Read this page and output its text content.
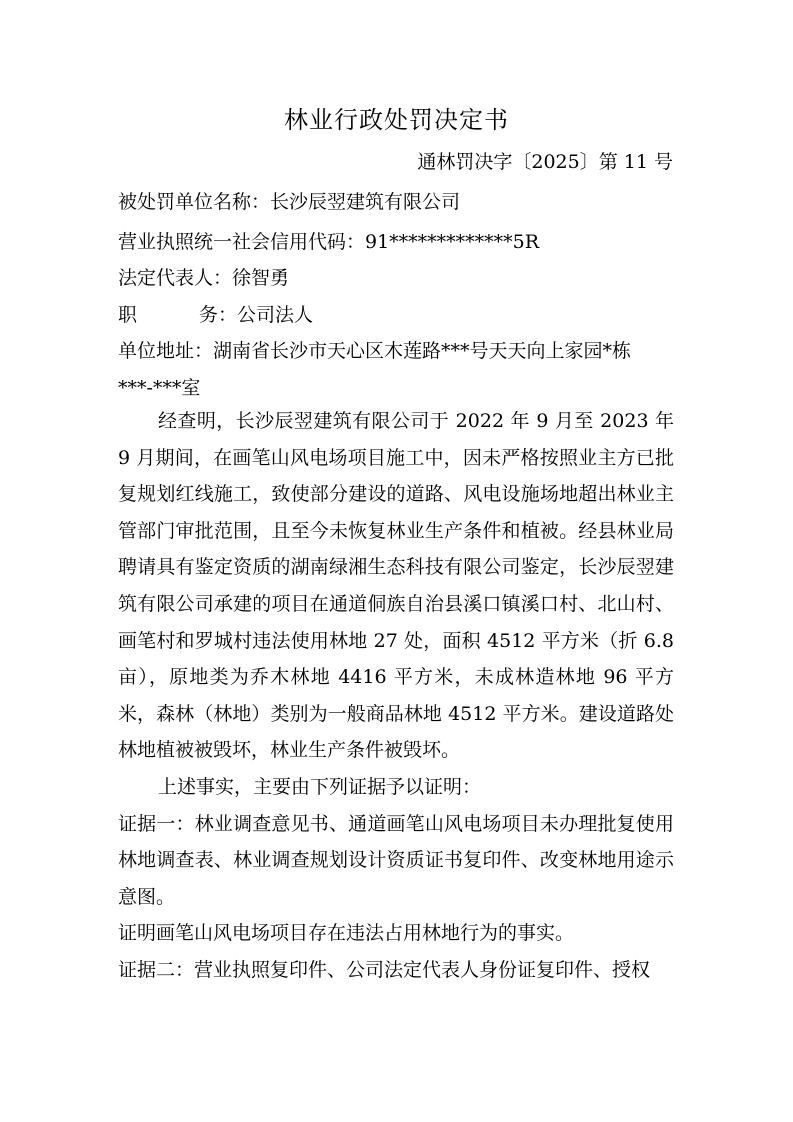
林业行政处罚决定书
通林罚决字〔2025〕第 11 号
被处罚单位名称：长沙辰翌建筑有限公司
营业执照统一社会信用代码：91*************5R
法定代表人：徐智勇
职	务：公司法人
单位地址：湖南省长沙市天心区木莲路***号天天向上家园*栋
***-***室

经查明，长沙辰翌建筑有限公司于 2022 年 9 月至 2023 年 9 月期间，在画笔山风电场项目施工中，因未严格按照业主方已批复规划红线施工，致使部分建设的道路、风电设施场地超出林业主管部门审批范围，且至今未恢复林业生产条件和植被。经县林业局聘请具有鉴定资质的湖南绿湘生态科技有限公司鉴定，长沙辰翌建筑有限公司承建的项目在通道侗族自治县溪口镇溪口村、北山村、画笔村和罗城村违法使用林地 27 处，面积 4512 平方米（折 6.8 亩），原地类为乔木林地 4416 平方米，未成林造林地 96 平方米，森林（林地）类别为一般商品林地 4512 平方米。建设道路处林地植被被毁坏，林业生产条件被毁坏。

上述事实，主要由下列证据予以证明：

证据一：林业调查意见书、通道画笔山风电场项目未办理批复使用林地调查表、林业调查规划设计资质证书复印件、改变林地用途示意图。

证明画笔山风电场项目存在违法占用林地行为的事实。

证据二：营业执照复印件、公司法定代表人身份证复印件、授权
